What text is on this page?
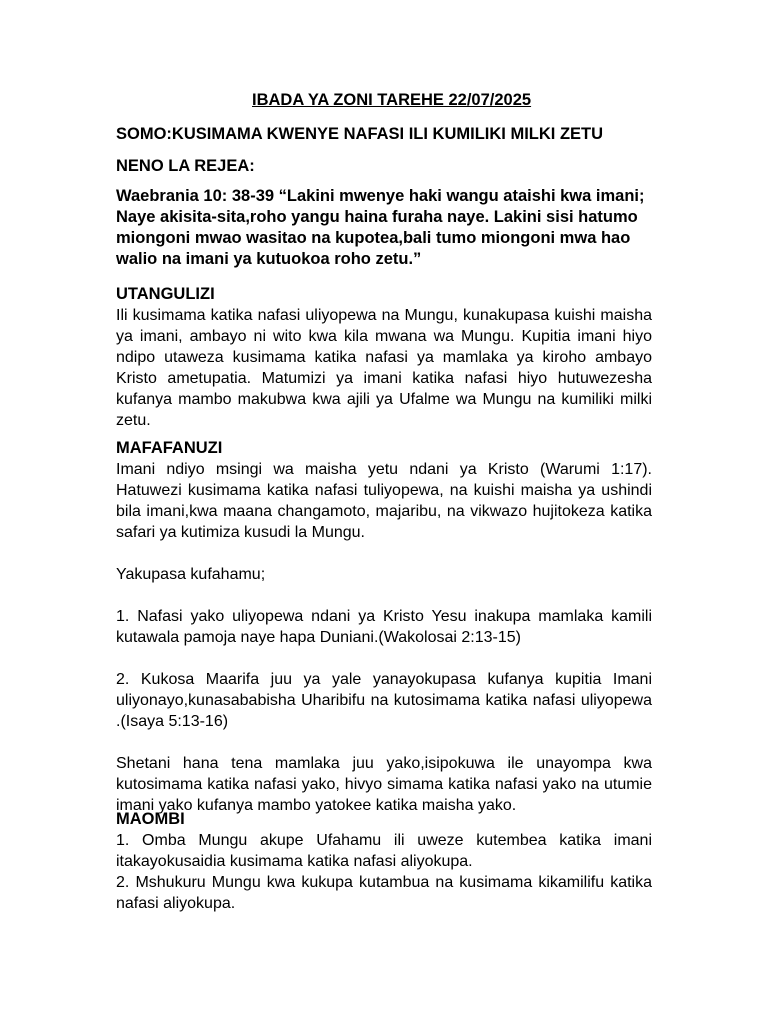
IBADA YA ZONI TAREHE 22/07/2025
SOMO:KUSIMAMA KWENYE NAFASI ILI KUMILIKI MILKI ZETU
NENO LA REJEA:
Waebrania 10: 38-39 “Lakini mwenye haki wangu ataishi kwa imani; Naye akisita-sita,roho yangu haina furaha naye. Lakini sisi hatumo miongoni mwao wasitao na kupotea,bali tumo miongoni mwa hao walio na imani ya kutuokoa roho zetu.”
UTANGULIZI

Ili kusimama katika nafasi uliyopewa na Mungu, kunakupasa kuishi maisha ya imani, ambayo ni wito kwa kila mwana wa Mungu. Kupitia imani hiyo ndipo utaweza kusimama katika nafasi ya mamlaka ya kiroho ambayo Kristo ametupatia. Matumizi ya imani katika nafasi hiyo hutuwezesha kufanya mambo makubwa kwa ajili ya Ufalme wa Mungu na kumiliki milki zetu.

MAFAFANUZI

Imani ndiyo msingi wa maisha yetu ndani ya Kristo (Warumi 1:17). Hatuwezi kusimama katika nafasi tuliyopewa, na kuishi maisha ya ushindi bila imani,kwa maana changamoto, majaribu, na vikwazo hujitokeza katika safari ya kutimiza kusudi la Mungu.

Yakupasa kufahamu;

1. Nafasi yako uliyopewa ndani ya Kristo Yesu inakupa mamlaka kamili kutawala pamoja naye hapa Duniani.(Wakolosai 2:13-15)

2. Kukosa Maarifa juu ya yale yanayokupasa kufanya kupitia Imani uliyonayo,kunasababisha Uharibifu na kutosimama katika nafasi uliyopewa .(Isaya 5:13-16)

Shetani hana tena mamlaka juu yako,isipokuwa ile unayompa kwa kutosimama katika nafasi yako, hivyo simama katika nafasi yako na utumie imani yako kufanya mambo yatokee katika maisha yako.

MAOMBI

1. Omba Mungu akupe Ufahamu ili uweze kutembea katika imani itakayokusaidia kusimama katika nafasi aliyokupa.

2. Mshukuru Mungu kwa kukupa kutambua na kusimama kikamilifu katika nafasi aliyokupa.
